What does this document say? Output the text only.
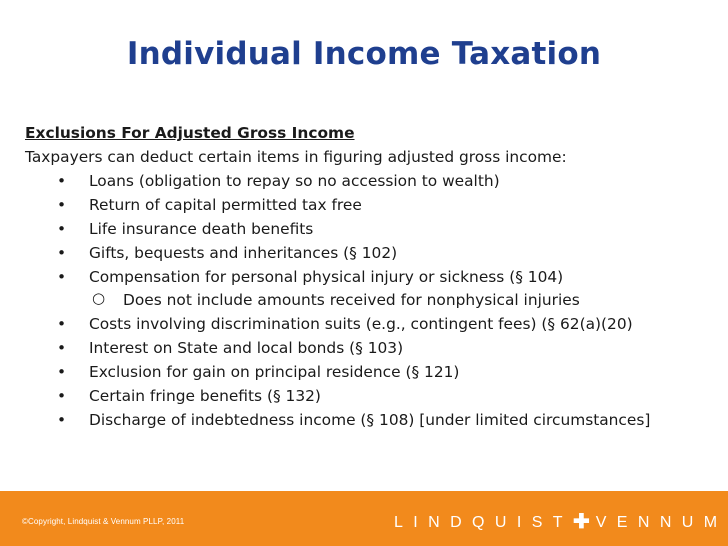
Individual Income Taxation
Exclusions For Adjusted Gross Income
Taxpayers can deduct certain items in figuring adjusted gross income:
• Loans (obligation to repay so no accession to wealth)
• Return of capital permitted tax free
• Life insurance death benefits
• Gifts, bequests and inheritances (§ 102)
• Compensation for personal physical injury or sickness (§ 104)
○ Does not include amounts received for nonphysical injuries
• Costs involving discrimination suits (e.g., contingent fees) (§ 62(a)(20)
• Interest on State and local bonds (§ 103)
• Exclusion for gain on principal residence (§ 121)
• Certain fringe benefits (§ 132)
• Discharge of indebtedness income (§ 108) [under limited circumstances]
©Copyright, Lindquist & Vennum PLLP, 2011	LINDQUIST✚VENNUM
